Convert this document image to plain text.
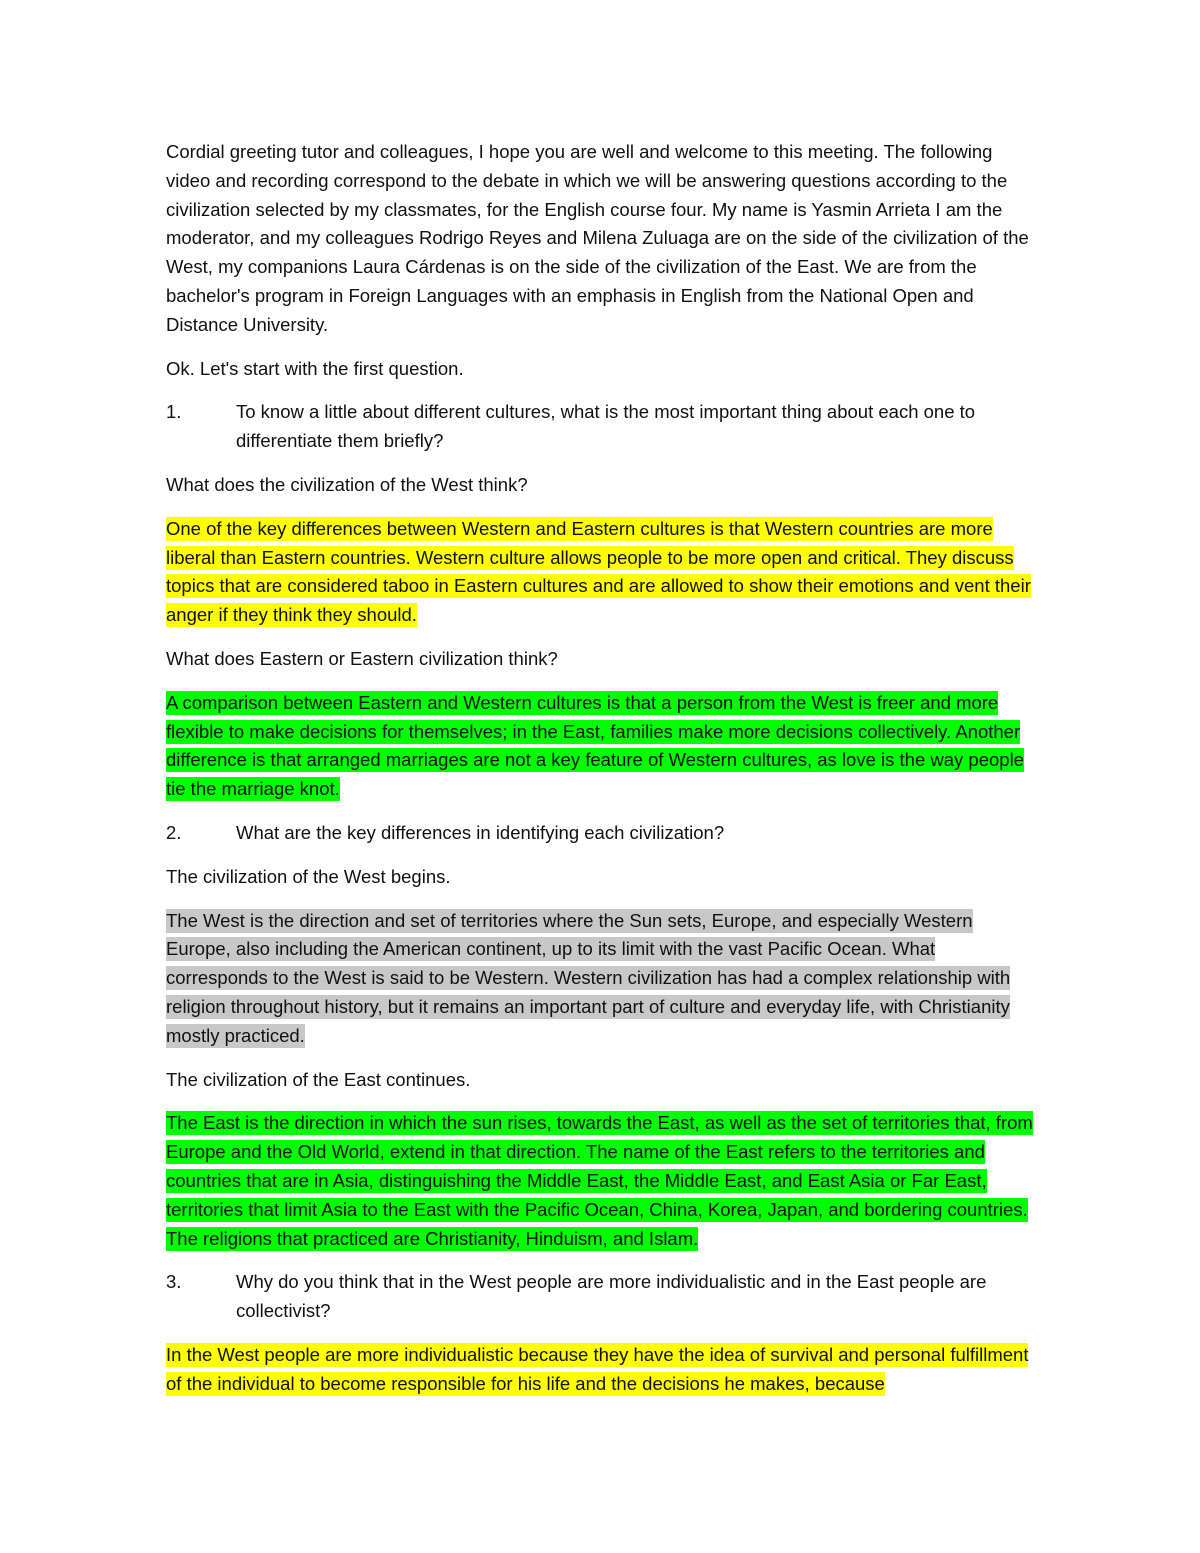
Cordial greeting tutor and colleagues, I hope you are well and welcome to this meeting. The following video and recording correspond to the debate in which we will be answering questions according to the civilization selected by my classmates, for the English course four. My name is Yasmin Arrieta I am the moderator, and my colleagues Rodrigo Reyes and Milena Zuluaga are on the side of the civilization of the West, my companions Laura Cárdenas is on the side of the civilization of the East. We are from the bachelor's program in Foreign Languages with an emphasis in English from the National Open and Distance University.

Ok. Let's start with the first question.

1.	To know a little about different cultures, what is the most important thing about each one to differentiate them briefly?

What does the civilization of the West think?

One of the key differences between Western and Eastern cultures is that Western countries are more liberal than Eastern countries. Western culture allows people to be more open and critical. They discuss topics that are considered taboo in Eastern cultures and are allowed to show their emotions and vent their anger if they think they should.

What does Eastern or Eastern civilization think?

A comparison between Eastern and Western cultures is that a person from the West is freer and more flexible to make decisions for themselves; in the East, families make more decisions collectively. Another difference is that arranged marriages are not a key feature of Western cultures, as love is the way people tie the marriage knot.

2.	What are the key differences in identifying each civilization?

The civilization of the West begins.

The West is the direction and set of territories where the Sun sets, Europe, and especially Western Europe, also including the American continent, up to its limit with the vast Pacific Ocean. What corresponds to the West is said to be Western. Western civilization has had a complex relationship with religion throughout history, but it remains an important part of culture and everyday life, with Christianity mostly practiced.

The civilization of the East continues.

The East is the direction in which the sun rises, towards the East, as well as the set of territories that, from Europe and the Old World, extend in that direction. The name of the East refers to the territories and countries that are in Asia, distinguishing the Middle East, the Middle East, and East Asia or Far East, territories that limit Asia to the East with the Pacific Ocean, China, Korea, Japan, and bordering countries. The religions that practiced are Christianity, Hinduism, and Islam.

3.	Why do you think that in the West people are more individualistic and in the East people are collectivist?

In the West people are more individualistic because they have the idea of survival and personal fulfillment of the individual to become responsible for his life and the decisions he makes, because
